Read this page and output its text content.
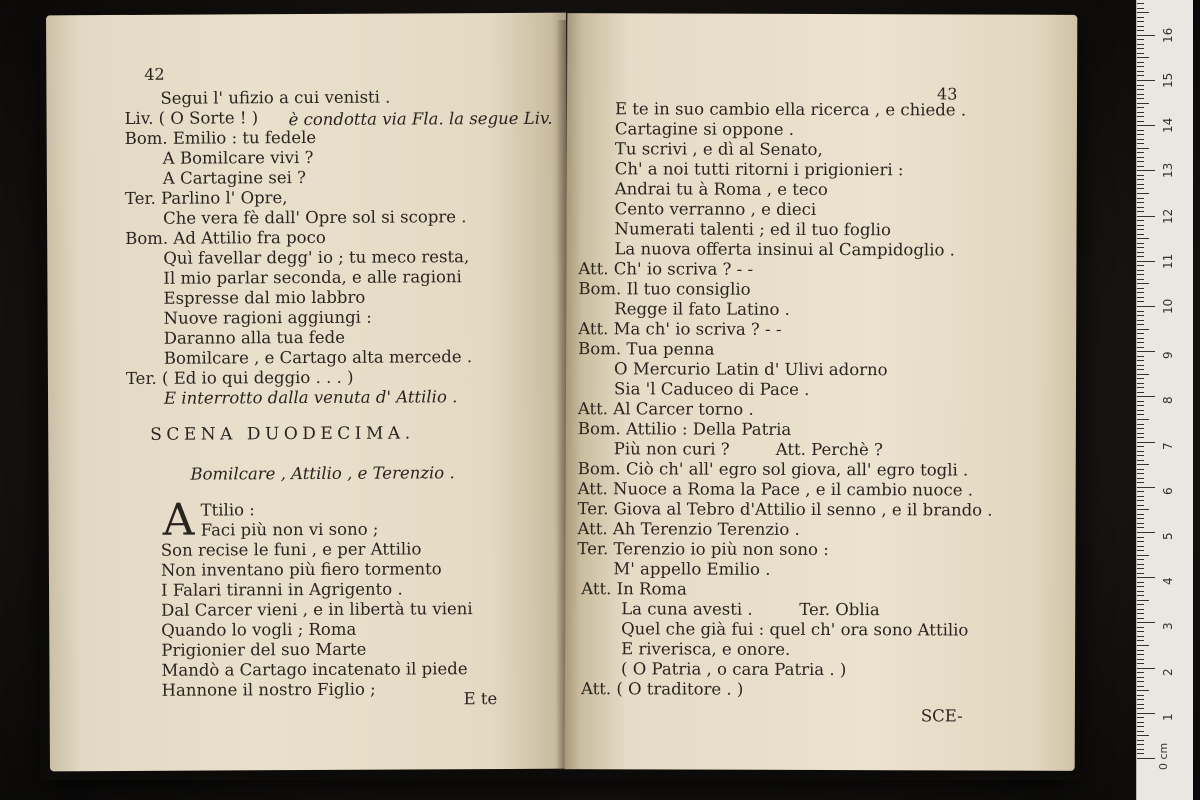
42
Segui l' ufizio a cui venisti .
Liv. ( O Sorte ! ) è condotta via Fla. la segue Liv.
Bom. Emilio : tu fedele
A Bomilcare vivi ?
A Cartagine sei ?
Ter. Parlino l' Opre,
Che vera fè dall' Opre sol si scopre .
Bom. Ad Attilio fra poco
Quì favellar degg' io ; tu meco resta,
Il mio parlar seconda, e alle ragioni
Espresse dal mio labbro
Nuove ragioni aggiungi :
Daranno alla tua fede
Bomilcare , e Cartago alta mercede .
Ter. ( Ed io qui deggio . . . )
E interrotto dalla venuta d' Attilio .
SCENA DUODECIMA.
Bomilcare , Attilio , e Terenzio .
A Ttilio :
Faci più non vi sono ;
Son recise le funi , e per Attilio
Non inventano più fiero tormento
I Falari tiranni in Agrigento .
Dal Carcer vieni , e in libertà tu vieni
Quando lo vogli ; Roma
Prigionier del suo Marte
Mandò a Cartago incatenato il piede
Hannone il nostro Figlio ;	E te
43
E te in suo cambio ella ricerca , e chiede .
Cartagine si oppone .
Tu scrivi , e dì al Senato,
Ch' a noi tutti ritorni i prigionieri :
Andrai tu à Roma , e teco
Cento verranno , e dieci
Numerati talenti ; ed il tuo foglio
La nuova offerta insinui al Campidoglio .
Att. Ch' io scriva ? - -
Bom. Il tuo consiglio
Regge il fato Latino .
Att. Ma ch' io scriva ? - -
Bom. Tua penna
O Mercurio Latin d' Ulivi adorno
Sia 'l Caduceo di Pace .
Att. Al Carcer torno .
Bom. Attilio : Della Patria
Più non curi ?	Att. Perchè ?
Bom. Ciò ch' all' egro sol giova, all' egro togli .
Att. Nuoce a Roma la Pace , e il cambio nuoce .
Ter. Giova al Tebro d'Attilio il senno , e il brando .
Att. Ah Terenzio Terenzio .
Ter. Terenzio io più non sono :
M' appello Emilio .
Att. In Roma
La cuna avesti .	Ter. Oblia
Quel che già fui : quel ch' ora sono Attilio
E riverisca, e onore.
( O Patria , o cara Patria . )
Att. ( O traditore . )
SCE-
0 cm
1
2
3
4
5
6
7
8
9
10
11
12
13
14
15
16
